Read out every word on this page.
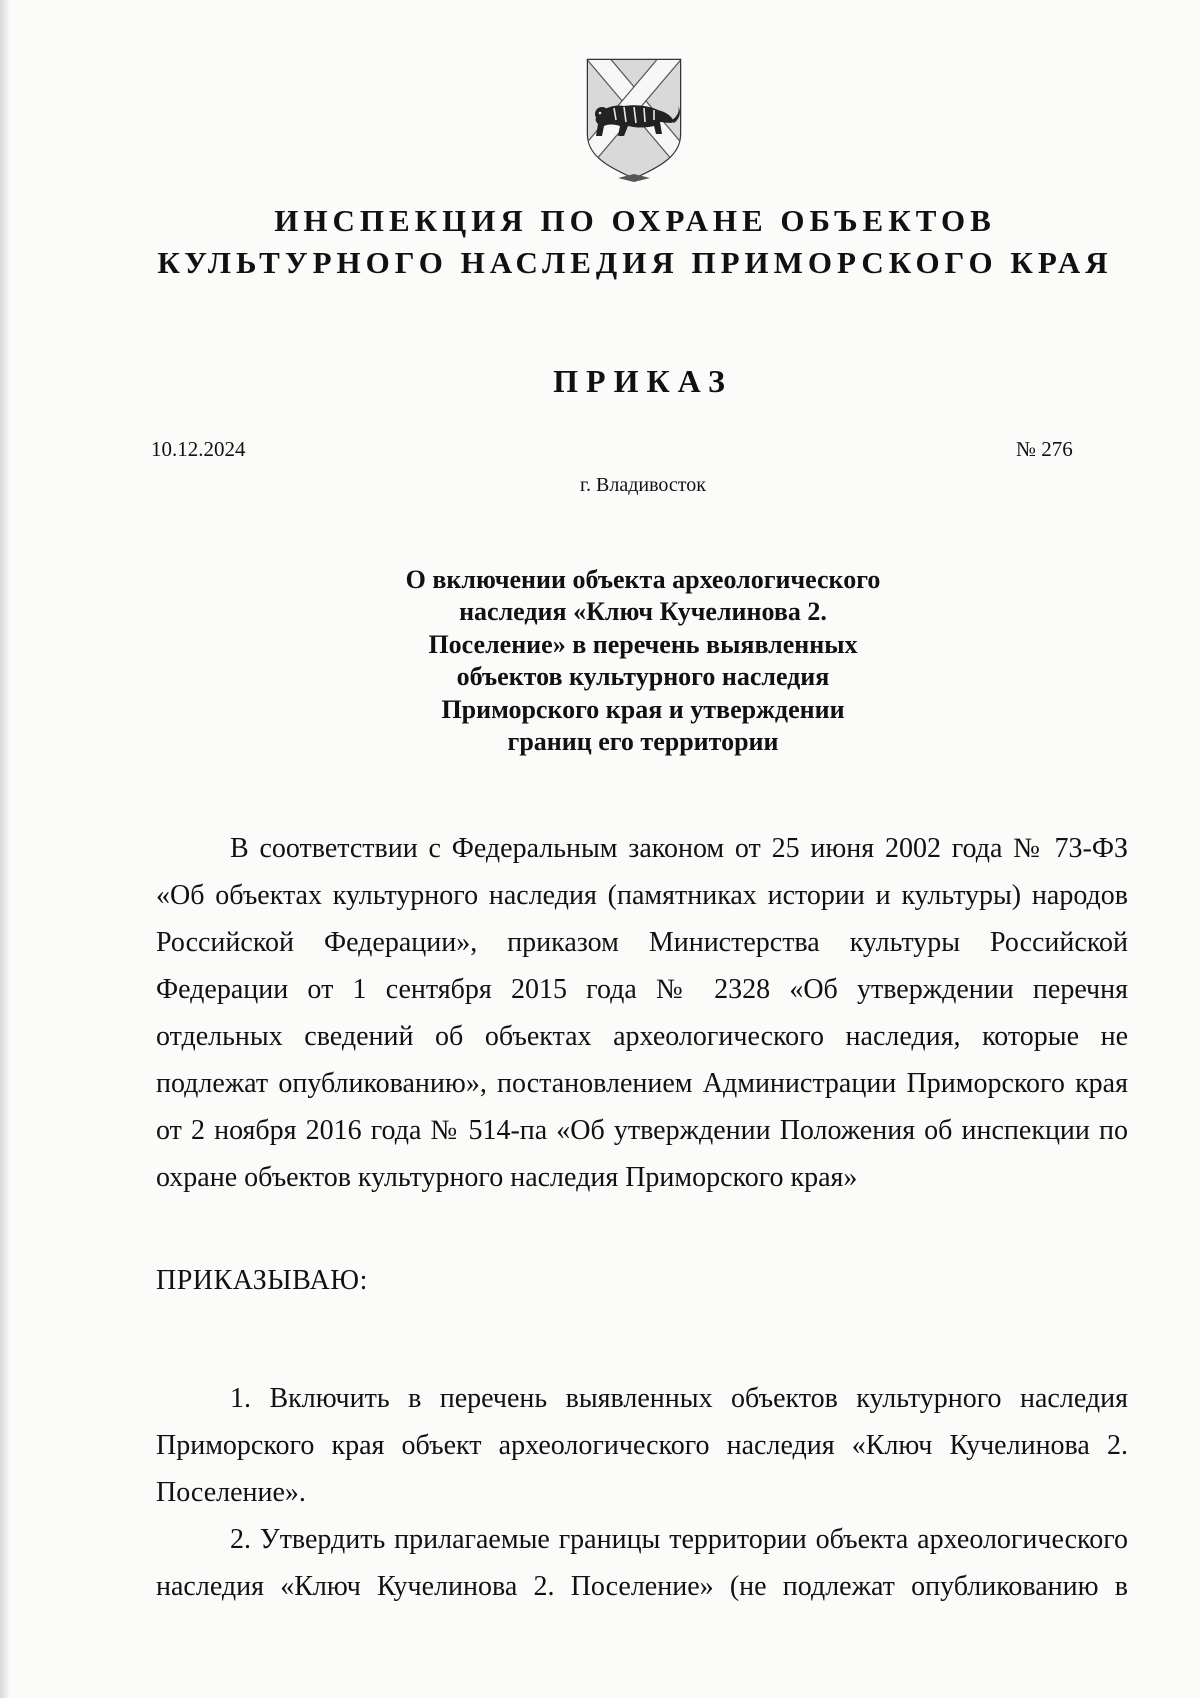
ИНСПЕКЦИЯ ПО ОХРАНЕ ОБЪЕКТОВ
КУЛЬТУРНОГО НАСЛЕДИЯ ПРИМОРСКОГО КРАЯ
ПРИКАЗ
10.12.2024	№ 276
г. Владивосток
О включении объекта археологического
наследия «Ключ Кучелинова 2.
Поселение» в перечень выявленных
объектов культурного наследия
Приморского края и утверждении
границ его территории
В соответствии с Федеральным законом от 25 июня 2002 года № 73-ФЗ
«Об объектах культурного наследия (памятниках истории и культуры) народов
Российской Федерации», приказом Министерства культуры Российской
Федерации от 1 сентября 2015 года № 2328 «Об утверждении перечня
отдельных сведений об объектах археологического наследия, которые не
подлежат опубликованию», постановлением Администрации Приморского края
от 2 ноября 2016 года № 514-па «Об утверждении Положения об инспекции по
охране объектов культурного наследия Приморского края»
ПРИКАЗЫВАЮ:
1. Включить в перечень выявленных объектов культурного наследия
Приморского края объект археологического наследия «Ключ Кучелинова 2.
Поселение».
2. Утвердить прилагаемые границы территории объекта археологического
наследия «Ключ Кучелинова 2. Поселение» (не подлежат опубликованию в
